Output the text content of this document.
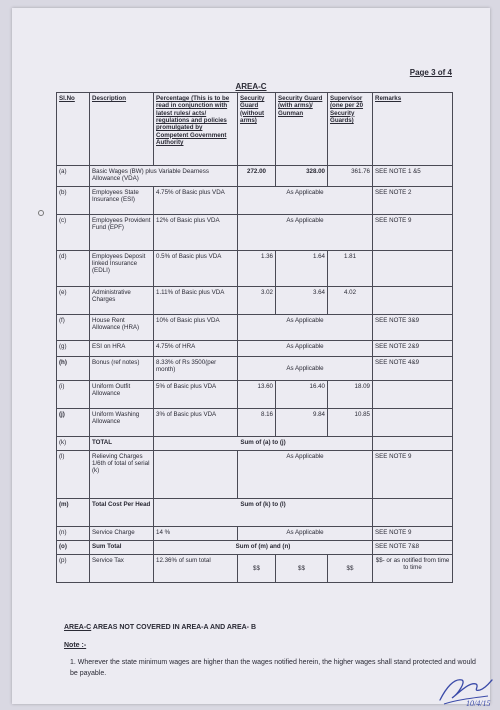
Page 3 of 4
AREA-C
Sl.No	Description	Percentage (This is to be read in conjunction with latest rules/ acts/ regulations and policies promulgated by Competent Government Authority	Security Guard (without arms)	Security Guard (with arms)/ Gunman	Supervisor (one per 20 Security Guards)	Remarks
(a)	Basic Wages (BW) plus Variable Dearness Allowance (VDA)		272.00	328.00	361.76	SEE NOTE 1 &5
(b)	Employees State Insurance (ESI)	4.75% of Basic plus VDA	As Applicable			SEE NOTE 2
(c)	Employees Provident Fund (EPF)	12% of Basic plus VDA	As Applicable			SEE NOTE 9
(d)	Employees Deposit linked Insurance (EDLI)	0.5% of Basic plus VDA	1.36	1.64	1.81	
(e)	Administrative Charges	1.11% of Basic plus VDA	3.02	3.64	4.02	
(f)	House Rent Allowance (HRA)	10% of Basic plus VDA	As Applicable			SEE NOTE 3&9
(g)	ESI on HRA	4.75% of HRA	As Applicable			SEE NOTE 2&9
(h)	Bonus (ref notes)	8.33% of Rs 3500(per month)	As Applicable			SEE NOTE 4&9
(i)	Uniform Outfit Allowance	5% of Basic plus VDA	13.60	16.40	18.09	
(j)	Uniform Washing Allowance	3% of Basic plus VDA	8.16	9.84	10.85	
(k)	TOTAL	Sum of (a) to (j)				
(l)	Relieving Charges 1/6th of total of serial (k)		As Applicable			SEE NOTE 9
(m)	Total Cost Per Head	Sum of (k) to (l)				
(n)	Service Charge	14 %	As Applicable			SEE NOTE 9
(o)	Sum Total	Sum of (m) and (n)				SEE NOTE 7&8
(p)	Service Tax	12.36% of sum total	$$	$$	$$	$$- or as notified from time to time
AREA-C AREAS NOT COVERED IN AREA-A AND AREA- B
Note :-
1. Wherever the state minimum wages are higher than the wages notified herein, the higher wages shall stand protected and would be payable.
10/4/15
